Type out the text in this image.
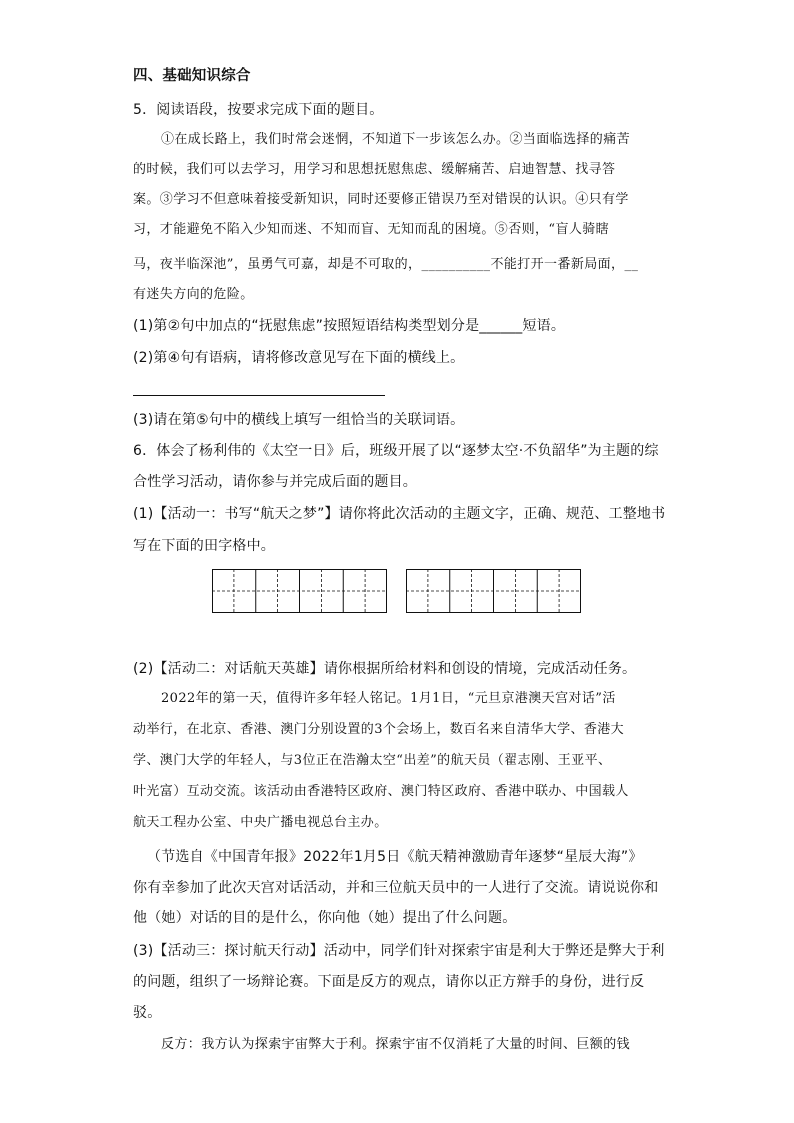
四、基础知识综合
5．阅读语段，按要求完成下面的题目。
①在成长路上，我们时常会迷惘，不知道下一步该怎么办。②当面临选择的痛苦
的时候，我们可以去学习，用学习和思想抚慰焦虑、缓解痛苦、启迪智慧、找寻答
案。③学习不但意味着接受新知识，同时还要修正错误乃至对错误的认识。④只有学
习，才能避免不陷入少知而迷、不知而盲、无知而乱的困境。⑤否则，“盲人骑瞎
马，夜半临深池”，虽勇气可嘉，却是不可取的，__________不能打开一番新局面，__
有迷失方向的危险。
(1)第②句中加点的“抚慰焦虑”按照短语结构类型划分是______短语。
(2)第④句有语病，请将修改意见写在下面的横线上。
(3)请在第⑤句中的横线上填写一组恰当的关联词语。
6．体会了杨利伟的《太空一日》后，班级开展了以“逐梦太空·不负韶华”为主题的综
合性学习活动，请你参与并完成后面的题目。
(1)【活动一：书写“航天之梦”】请你将此次活动的主题文字，正确、规范、工整地书
写在下面的田字格中。
(2)【活动二：对话航天英雄】请你根据所给材料和创设的情境，完成活动任务。
2022年的第一天，值得许多年轻人铭记。1月1日，“元旦京港澳天宫对话”活
动举行，在北京、香港、澳门分别设置的3个会场上，数百名来自清华大学、香港大
学、澳门大学的年轻人，与3位正在浩瀚太空“出差”的航天员（翟志刚、王亚平、
叶光富）互动交流。该活动由香港特区政府、澳门特区政府、香港中联办、中国载人
航天工程办公室、中央广播电视总台主办。
（节选自《中国青年报》2022年1月5日《航天精神激励青年逐梦“星辰大海”》
你有幸参加了此次天宫对话活动，并和三位航天员中的一人进行了交流。请说说你和
他（她）对话的目的是什么，你向他（她）提出了什么问题。
(3)【活动三：探讨航天行动】活动中，同学们针对探索宇宙是利大于弊还是弊大于利
的问题，组织了一场辩论赛。下面是反方的观点，请你以正方辩手的身份，进行反
驳。
反方：我方认为探索宇宙弊大于利。探索宇宙不仅消耗了大量的时间、巨额的钱
